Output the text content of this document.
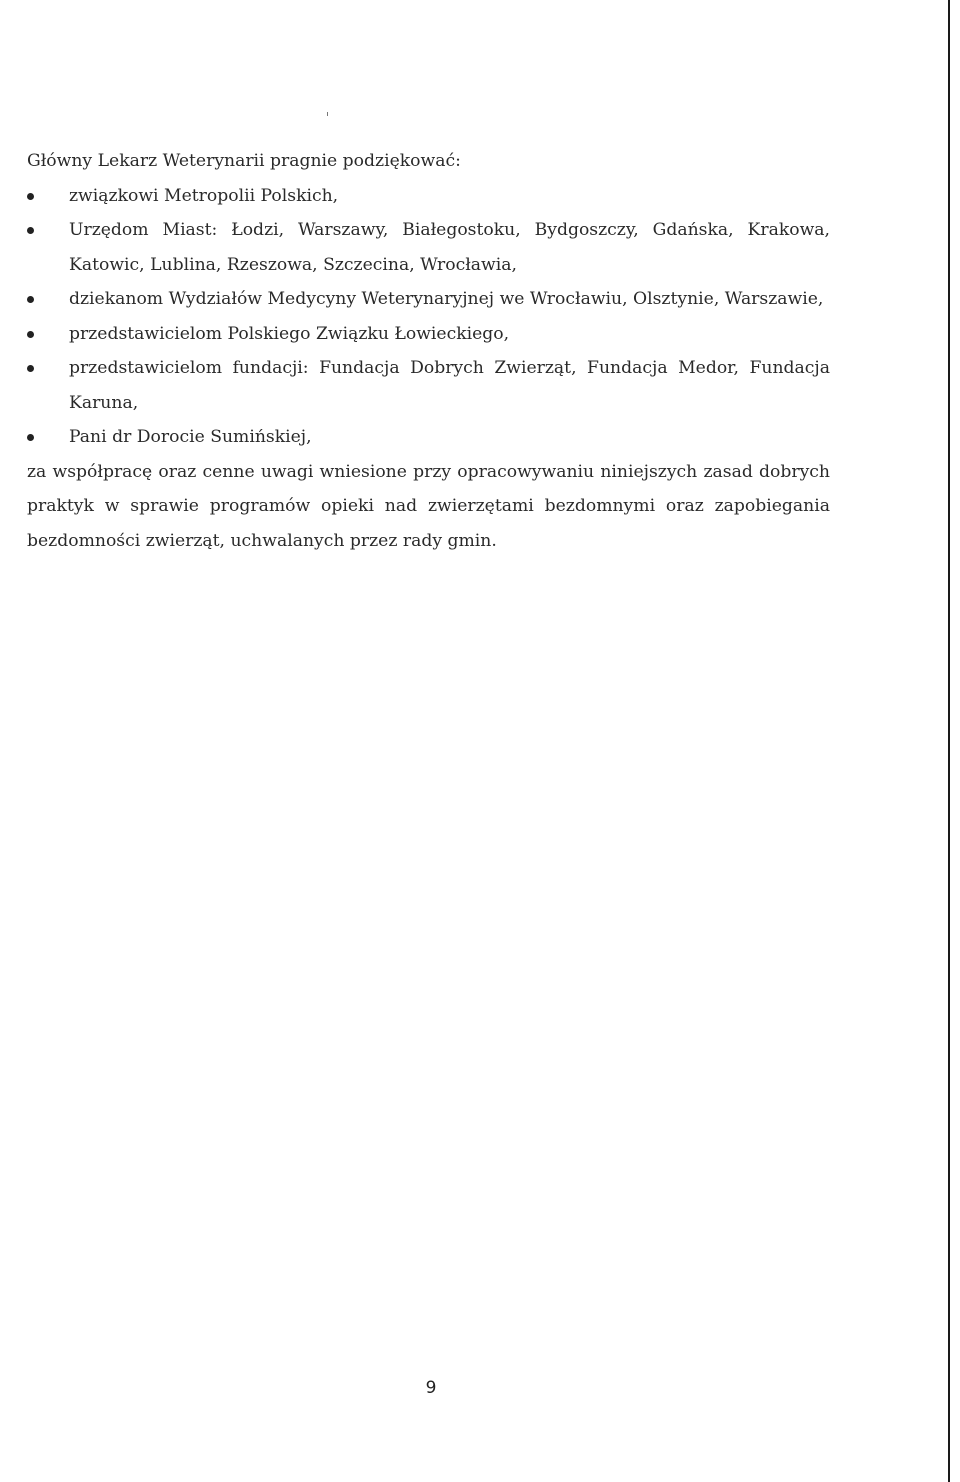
Główny Lekarz Weterynarii pragnie podziękować:

związkowi Metropolii Polskich,
Urzędom Miast: Łodzi, Warszawy, Białegostoku, Bydgoszczy, Gdańska, Krakowa, Katowic, Lublina, Rzeszowa, Szczecina, Wrocławia,
dziekanom Wydziałów Medycyny Weterynaryjnej we Wrocławiu, Olsztynie, Warszawie,
przedstawicielom Polskiego Związku Łowieckiego,
przedstawicielom fundacji: Fundacja Dobrych Zwierząt, Fundacja Medor, Fundacja Karuna,
Pani dr Dorocie Sumińskiej,

za współpracę oraz cenne uwagi wniesione przy opracowywaniu niniejszych zasad dobrych praktyk w sprawie programów opieki nad zwierzętami bezdomnymi oraz zapobiegania bezdomności zwierząt, uchwalanych przez rady gmin.

9
